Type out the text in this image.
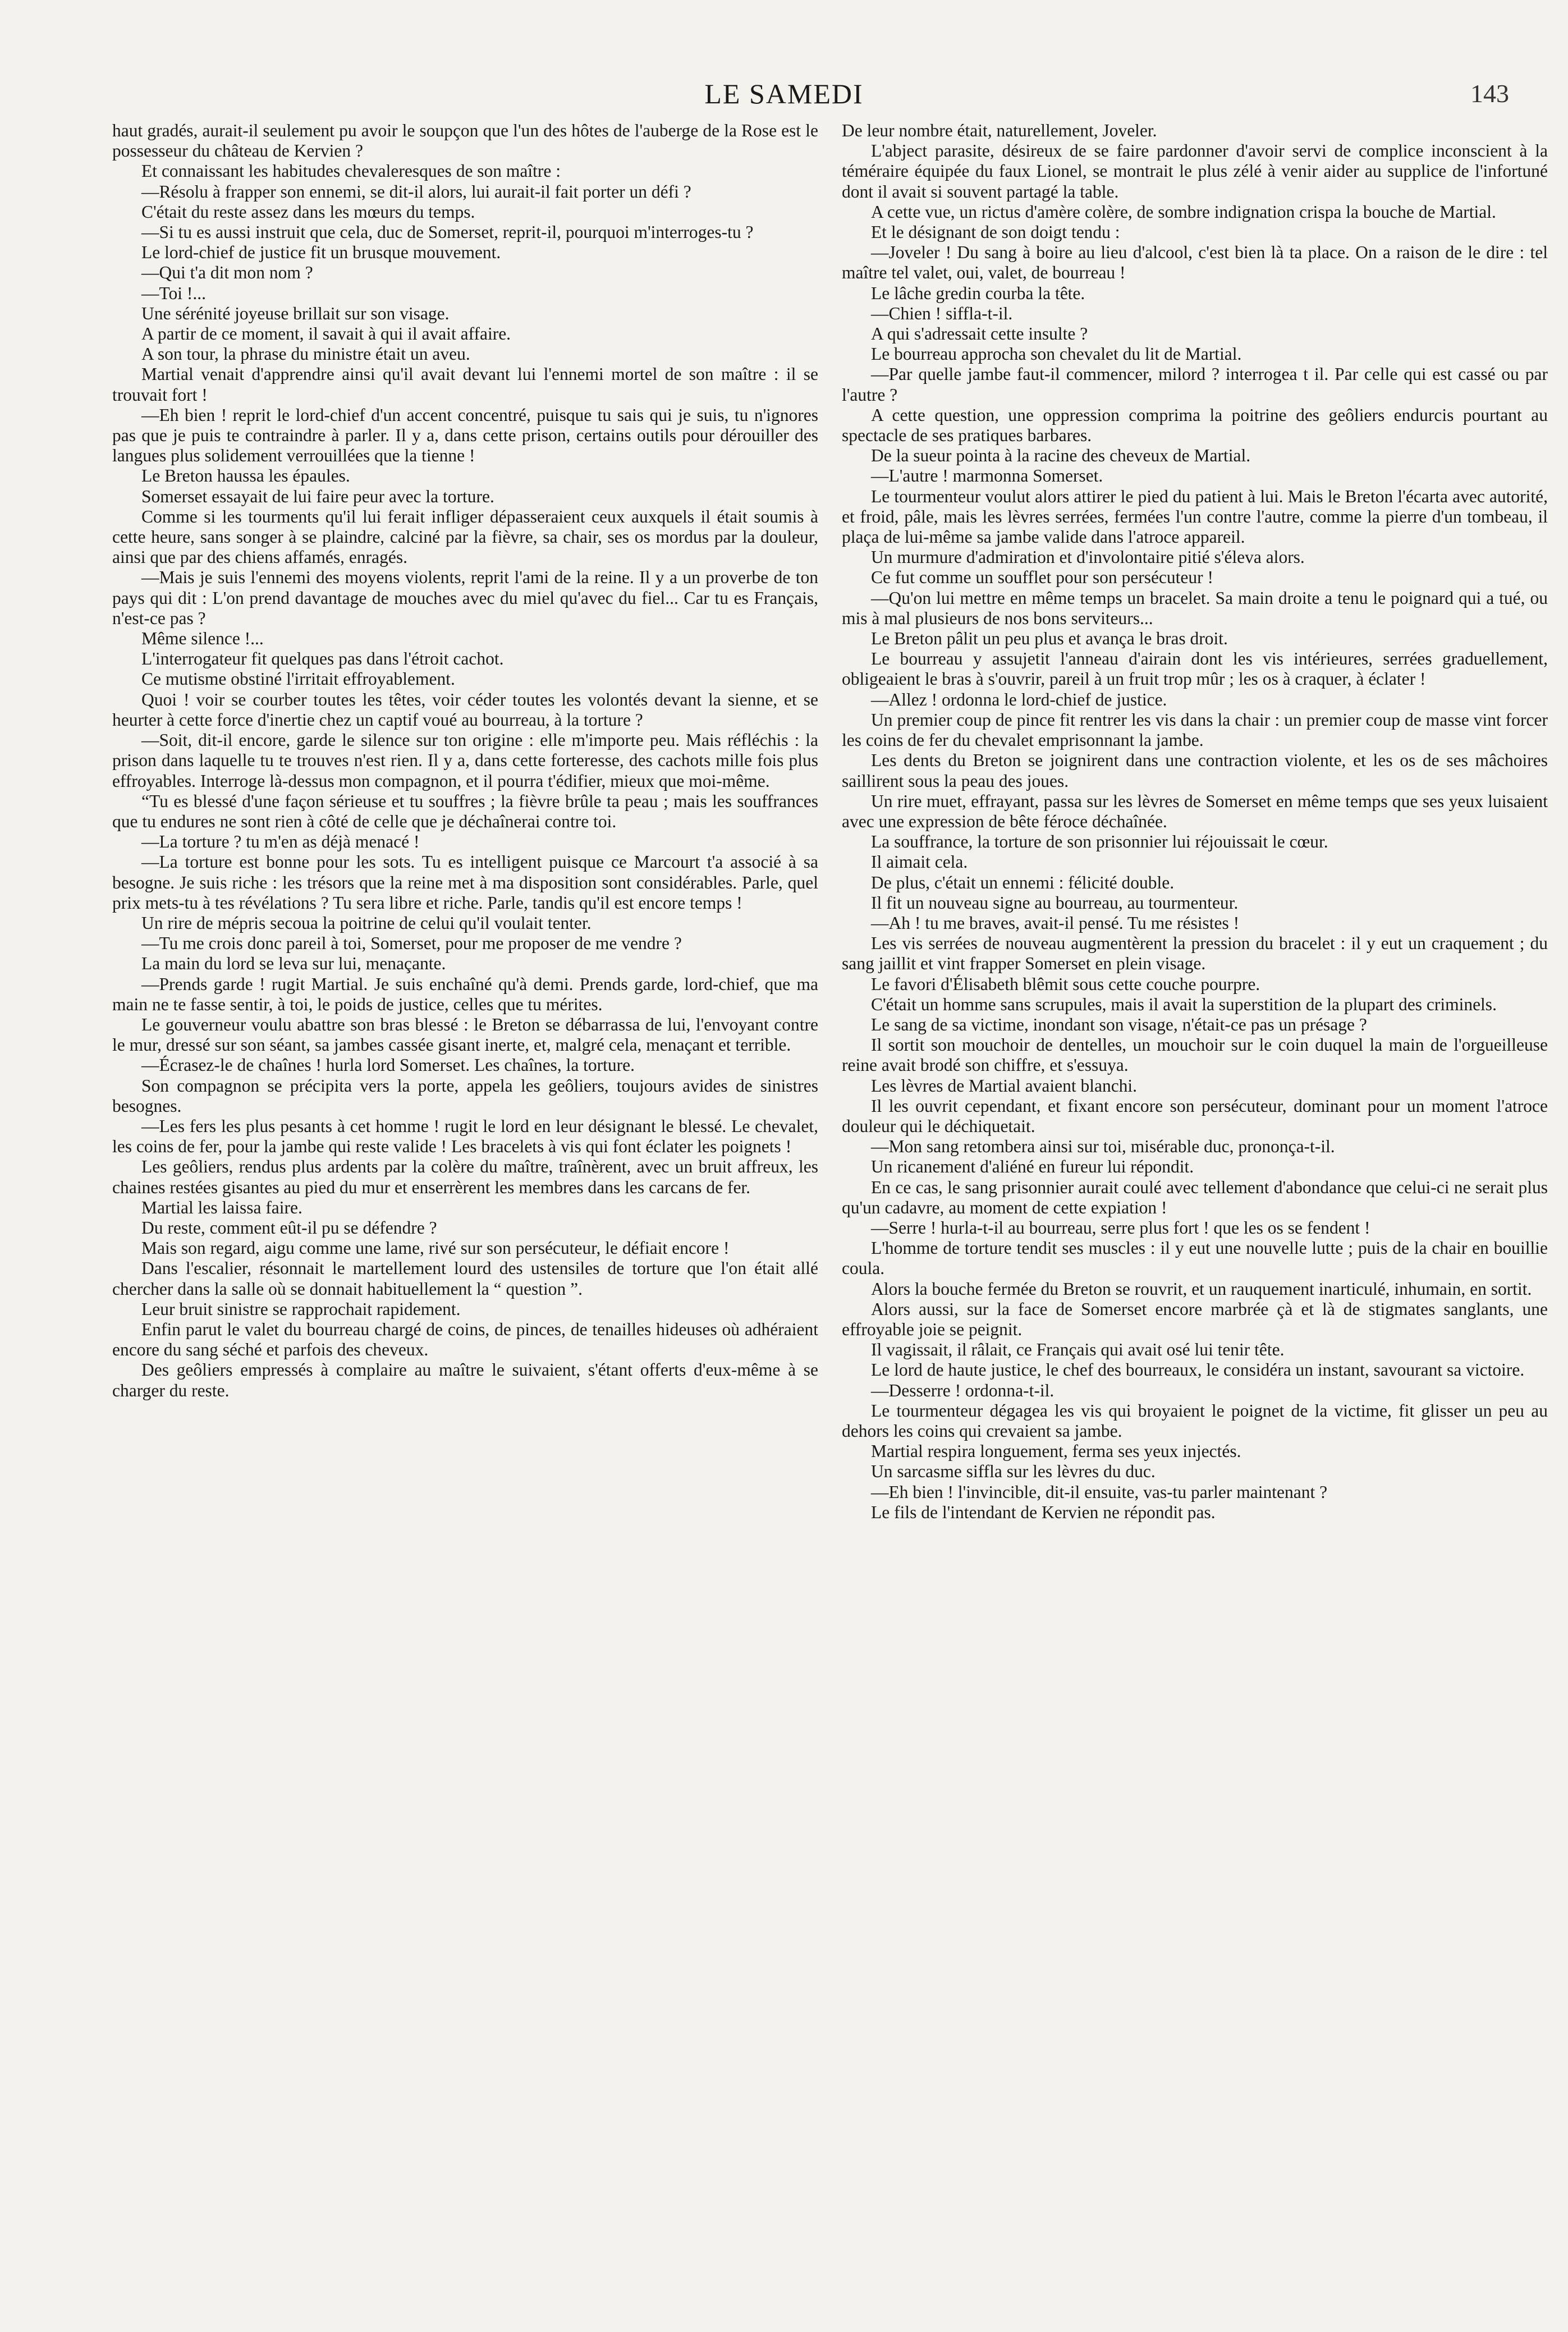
LE SAMEDI	143

haut gradés, aurait-il seulement pu avoir le soupçon que l'un des hôtes de l'auberge de la Rose est le possesseur du château de Kervien ?

Et connaissant les habitudes chevaleresques de son maître :

—Résolu à frapper son ennemi, se dit-il alors, lui aurait-il fait porter un défi ?

C'était du reste assez dans les mœurs du temps.

—Si tu es aussi instruit que cela, duc de Somerset, reprit-il, pourquoi m'interroges-tu ?

Le lord-chief de justice fit un brusque mouvement.

—Qui t'a dit mon nom ?

—Toi !...

Une sérénité joyeuse brillait sur son visage.

A partir de ce moment, il savait à qui il avait affaire.

A son tour, la phrase du ministre était un aveu.

Martial venait d'apprendre ainsi qu'il avait devant lui l'ennemi mortel de son maître : il se trouvait fort !

—Eh bien ! reprit le lord-chief d'un accent concentré, puisque tu sais qui je suis, tu n'ignores pas que je puis te contraindre à parler. Il y a, dans cette prison, certains outils pour dérouiller des langues plus solidement verrouillées que la tienne !

Le Breton haussa les épaules.

Somerset essayait de lui faire peur avec la torture.

Comme si les tourments qu'il lui ferait infliger dépasseraient ceux auxquels il était soumis à cette heure, sans songer à se plaindre, calciné par la fièvre, sa chair, ses os mordus par la douleur, ainsi que par des chiens affamés, enragés.

—Mais je suis l'ennemi des moyens violents, reprit l'ami de la reine. Il y a un proverbe de ton pays qui dit : L'on prend davantage de mouches avec du miel qu'avec du fiel... Car tu es Français, n'est-ce pas ?

Même silence !...

L'interrogateur fit quelques pas dans l'étroit cachot.

Ce mutisme obstiné l'irritait effroyablement.

Quoi ! voir se courber toutes les têtes, voir céder toutes les volontés devant la sienne, et se heurter à cette force d'inertie chez un captif voué au bourreau, à la torture ?

—Soit, dit-il encore, garde le silence sur ton origine : elle m'importe peu. Mais réfléchis : la prison dans laquelle tu te trouves n'est rien. Il y a, dans cette forteresse, des cachots mille fois plus effroyables. Interroge là-dessus mon compagnon, et il pourra t'édifier, mieux que moi-même.

“Tu es blessé d'une façon sérieuse et tu souffres ; la fièvre brûle ta peau ; mais les souffrances que tu endures ne sont rien à côté de celle que je déchaînerai contre toi.

—La torture ? tu m'en as déjà menacé !

—La torture est bonne pour les sots. Tu es intelligent puisque ce Marcourt t'a associé à sa besogne. Je suis riche : les trésors que la reine met à ma disposition sont considérables. Parle, quel prix mets-tu à tes révélations ? Tu sera libre et riche. Parle, tandis qu'il est encore temps !

Un rire de mépris secoua la poitrine de celui qu'il voulait tenter.

—Tu me crois donc pareil à toi, Somerset, pour me proposer de me vendre ?

La main du lord se leva sur lui, menaçante.

—Prends garde ! rugit Martial. Je suis enchaîné qu'à demi. Prends garde, lord-chief, que ma main ne te fasse sentir, à toi, le poids de justice, celles que tu mérites.

Le gouverneur voulu abattre son bras blessé : le Breton se débarrassa de lui, l'envoyant contre le mur, dressé sur son séant, sa jambes cassée gisant inerte, et, malgré cela, menaçant et terrible.

—Écrasez-le de chaînes ! hurla lord Somerset. Les chaînes, la torture.

Son compagnon se précipita vers la porte, appela les geôliers, toujours avides de sinistres besognes.

—Les fers les plus pesants à cet homme ! rugit le lord en leur désignant le blessé. Le chevalet, les coins de fer, pour la jambe qui reste valide ! Les bracelets à vis qui font éclater les poignets !

Les geôliers, rendus plus ardents par la colère du maître, traînèrent, avec un bruit affreux, les chaines restées gisantes au pied du mur et enserrèrent les membres dans les carcans de fer.

Martial les laissa faire.

Du reste, comment eût-il pu se défendre ?

Mais son regard, aigu comme une lame, rivé sur son persécuteur, le défiait encore !

Dans l'escalier, résonnait le martellement lourd des ustensiles de torture que l'on était allé chercher dans la salle où se donnait habituellement la “ question ”.

Leur bruit sinistre se rapprochait rapidement.

Enfin parut le valet du bourreau chargé de coins, de pinces, de tenailles hideuses où adhéraient encore du sang séché et parfois des cheveux.

Des geôliers empressés à complaire au maître le suivaient, s'étant offerts d'eux-même à se charger du reste.

De leur nombre était, naturellement, Joveler.

L'abject parasite, désireux de se faire pardonner d'avoir servi de complice inconscient à la téméraire équipée du faux Lionel, se montrait le plus zélé à venir aider au supplice de l'infortuné dont il avait si souvent partagé la table.

A cette vue, un rictus d'amère colère, de sombre indignation crispa la bouche de Martial.

Et le désignant de son doigt tendu :

—Joveler ! Du sang à boire au lieu d'alcool, c'est bien là ta place. On a raison de le dire : tel maître tel valet, oui, valet, de bourreau !

Le lâche gredin courba la tête.

—Chien ! siffla-t-il.

A qui s'adressait cette insulte ?

Le bourreau approcha son chevalet du lit de Martial.

—Par quelle jambe faut-il commencer, milord ? interrogea t il. Par celle qui est cassé ou par l'autre ?

A cette question, une oppression comprima la poitrine des geôliers endurcis pourtant au spectacle de ses pratiques barbares.

De la sueur pointa à la racine des cheveux de Martial.

—L'autre ! marmonna Somerset.

Le tourmenteur voulut alors attirer le pied du patient à lui. Mais le Breton l'écarta avec autorité, et froid, pâle, mais les lèvres serrées, fermées l'un contre l'autre, comme la pierre d'un tombeau, il plaça de lui-même sa jambe valide dans l'atroce appareil.

Un murmure d'admiration et d'involontaire pitié s'éleva alors.

Ce fut comme un soufflet pour son persécuteur !

—Qu'on lui mettre en même temps un bracelet. Sa main droite a tenu le poignard qui a tué, ou mis à mal plusieurs de nos bons serviteurs...

Le Breton pâlit un peu plus et avança le bras droit.

Le bourreau y assujetit l'anneau d'airain dont les vis intérieures, serrées graduellement, obligeaient le bras à s'ouvrir, pareil à un fruit trop mûr ; les os à craquer, à éclater !

—Allez ! ordonna le lord-chief de justice.

Un premier coup de pince fit rentrer les vis dans la chair : un premier coup de masse vint forcer les coins de fer du chevalet emprisonnant la jambe.

Les dents du Breton se joignirent dans une contraction violente, et les os de ses mâchoires saillirent sous la peau des joues.

Un rire muet, effrayant, passa sur les lèvres de Somerset en même temps que ses yeux luisaient avec une expression de bête féroce déchaînée.

La souffrance, la torture de son prisonnier lui réjouissait le cœur.

Il aimait cela.

De plus, c'était un ennemi : félicité double.

Il fit un nouveau signe au bourreau, au tourmenteur.

—Ah ! tu me braves, avait-il pensé. Tu me résistes !

Les vis serrées de nouveau augmentèrent la pression du bracelet : il y eut un craquement ; du sang jaillit et vint frapper Somerset en plein visage.

Le favori d'Élisabeth blêmit sous cette couche pourpre.

C'était un homme sans scrupules, mais il avait la superstition de la plupart des criminels.

Le sang de sa victime, inondant son visage, n'était-ce pas un présage ?

Il sortit son mouchoir de dentelles, un mouchoir sur le coin duquel la main de l'orgueilleuse reine avait brodé son chiffre, et s'essuya.

Les lèvres de Martial avaient blanchi.

Il les ouvrit cependant, et fixant encore son persécuteur, dominant pour un moment l'atroce douleur qui le déchiquetait.

—Mon sang retombera ainsi sur toi, misérable duc, prononça-t-il.

Un ricanement d'aliéné en fureur lui répondit.

En ce cas, le sang prisonnier aurait coulé avec tellement d'abondance que celui-ci ne serait plus qu'un cadavre, au moment de cette expiation !

—Serre ! hurla-t-il au bourreau, serre plus fort ! que les os se fendent !

L'homme de torture tendit ses muscles : il y eut une nouvelle lutte ; puis de la chair en bouillie coula.

Alors la bouche fermée du Breton se rouvrit, et un rauquement inarticulé, inhumain, en sortit.

Alors aussi, sur la face de Somerset encore marbrée çà et là de stigmates sanglants, une effroyable joie se peignit.

Il vagissait, il râlait, ce Français qui avait osé lui tenir tête.

Le lord de haute justice, le chef des bourreaux, le considéra un instant, savourant sa victoire.

—Desserre ! ordonna-t-il.

Le tourmenteur dégagea les vis qui broyaient le poignet de la victime, fit glisser un peu au dehors les coins qui crevaient sa jambe.

Martial respira longuement, ferma ses yeux injectés.

Un sarcasme siffla sur les lèvres du duc.

—Eh bien ! l'invincible, dit-il ensuite, vas-tu parler maintenant ?

Le fils de l'intendant de Kervien ne répondit pas.
